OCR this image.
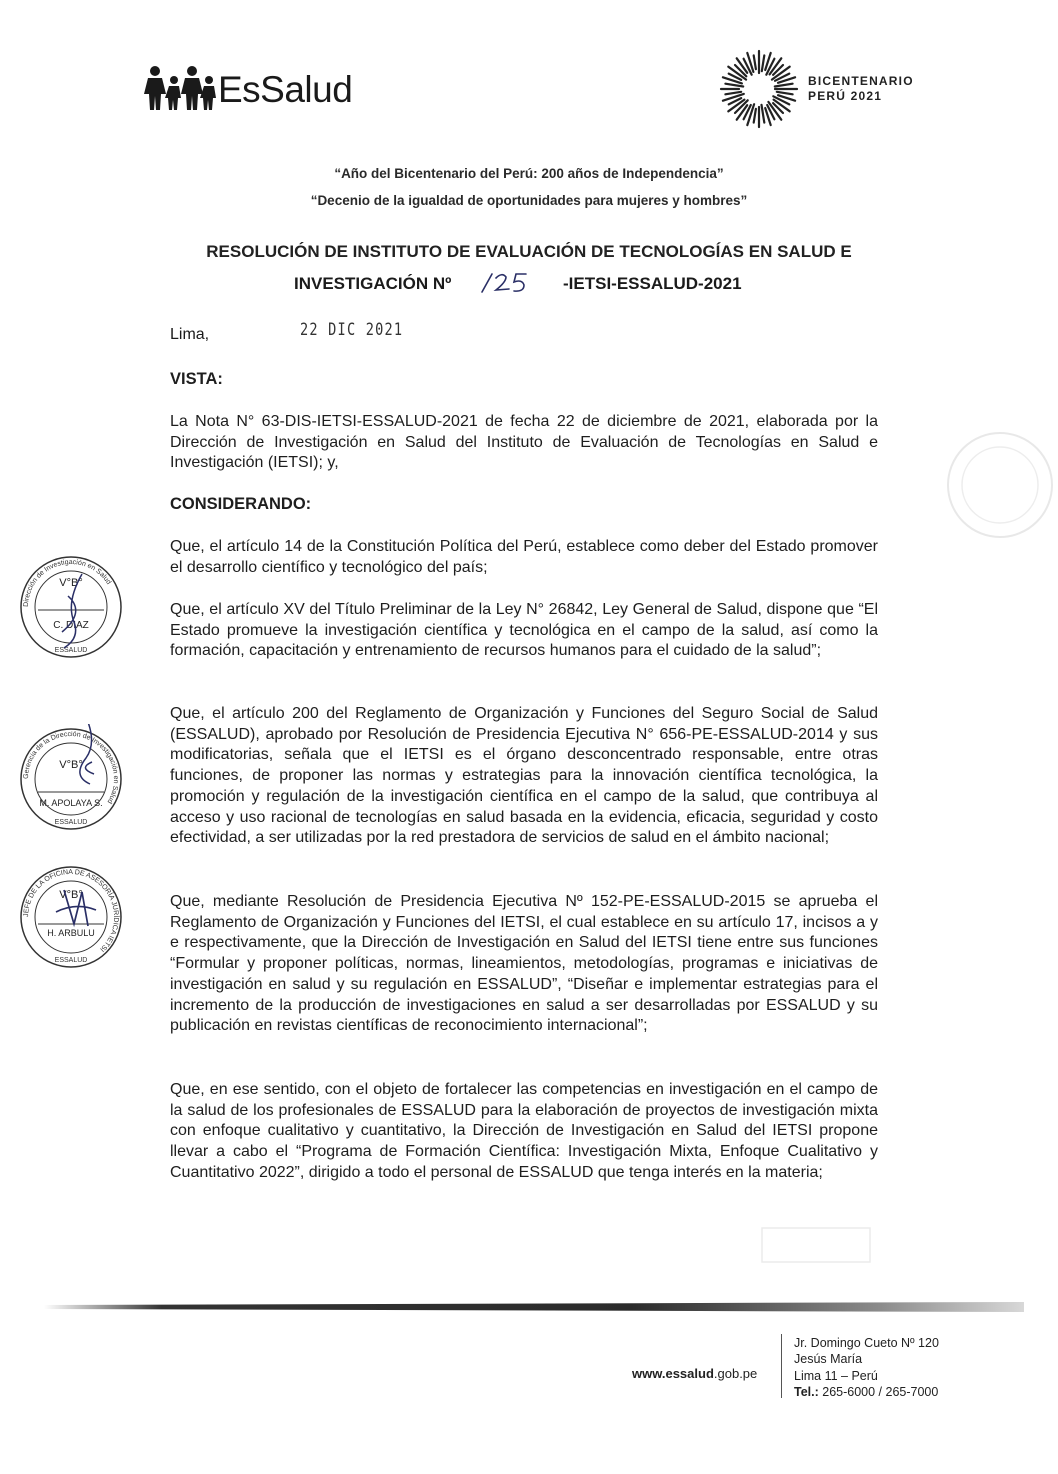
EsSalud	BICENTENARIO
PERÚ 2021
“Año del Bicentenario del Perú: 200 años de Independencia”
“Decenio de la igualdad de oportunidades para mujeres y hombres”
RESOLUCIÓN DE INSTITUTO DE EVALUACIÓN DE TECNOLOGÍAS EN SALUD E
INVESTIGACIÓN Nº	-IETSI-ESSALUD-2021
Lima,	22 DIC 2021
VISTA:
La Nota N° 63-DIS-IETSI-ESSALUD-2021 de fecha 22 de diciembre de 2021, elaborada por la Dirección de Investigación en Salud del Instituto de Evaluación de Tecnologías en Salud e Investigación (IETSI); y,
CONSIDERANDO:
Que, el artículo 14 de la Constitución Política del Perú, establece como deber del Estado promover el desarrollo científico y tecnológico del país;
Que, el artículo XV del Título Preliminar de la Ley N° 26842, Ley General de Salud, dispone que “El Estado promueve la investigación científica y tecnológica en el campo de la salud, así como la formación, capacitación y entrenamiento de recursos humanos para el cuidado de la salud”;
Que, el artículo 200 del Reglamento de Organización y Funciones del Seguro Social de Salud (ESSALUD), aprobado por Resolución de Presidencia Ejecutiva N° 656-PE-ESSALUD-2014 y sus modificatorias, señala que el IETSI es el órgano desconcentrado responsable, entre otras funciones, de proponer las normas y estrategias para la innovación científica tecnológica, la promoción y regulación de la investigación científica en el campo de la salud, que contribuya al acceso y uso racional de tecnologías en salud basada en la evidencia, eficacia, seguridad y costo efectividad, a ser utilizadas por la red prestadora de servicios de salud en el ámbito nacional;
Que, mediante Resolución de Presidencia Ejecutiva Nº 152-PE-ESSALUD-2015 se aprueba el Reglamento de Organización y Funciones del IETSI, el cual establece en su artículo 17, incisos a y e respectivamente, que la Dirección de Investigación en Salud del IETSI tiene entre sus funciones “Formular y proponer políticas, normas, lineamientos, metodologías, programas e iniciativas de investigación en salud y su regulación en ESSALUD”, “Diseñar e implementar estrategias para el incremento de la producción de investigaciones en salud a ser desarrolladas por ESSALUD y su publicación en revistas científicas de reconocimiento internacional”;
Que, en ese sentido, con el objeto de fortalecer las competencias en investigación en el campo de la salud de los profesionales de ESSALUD para la elaboración de proyectos de investigación mixta con enfoque cualitativo y cuantitativo, la Dirección de Investigación en Salud del IETSI propone llevar a cabo el “Programa de Formación Científica: Investigación Mixta, Enfoque Cualitativo y Cuantitativo 2022”, dirigido a todo el personal de ESSALUD que tenga interés en la materia;
Dirección de Investigación en Salud
V°B°
C. DIAZ
ESSALUD
Gerencia de la Dirección de Investigación en Salud
V°B°
M. APOLAYA S.
ESSALUD
JEFE DE LA OFICINA DE ASESORÍA JURÍDICA IETSI
V°B°
H. ARBULU
ESSALUD
www.essalud.gob.pe
Jr. Domingo Cueto Nº 120
Jesús María
Lima 11 – Perú
Tel.: 265-6000 / 265-7000
